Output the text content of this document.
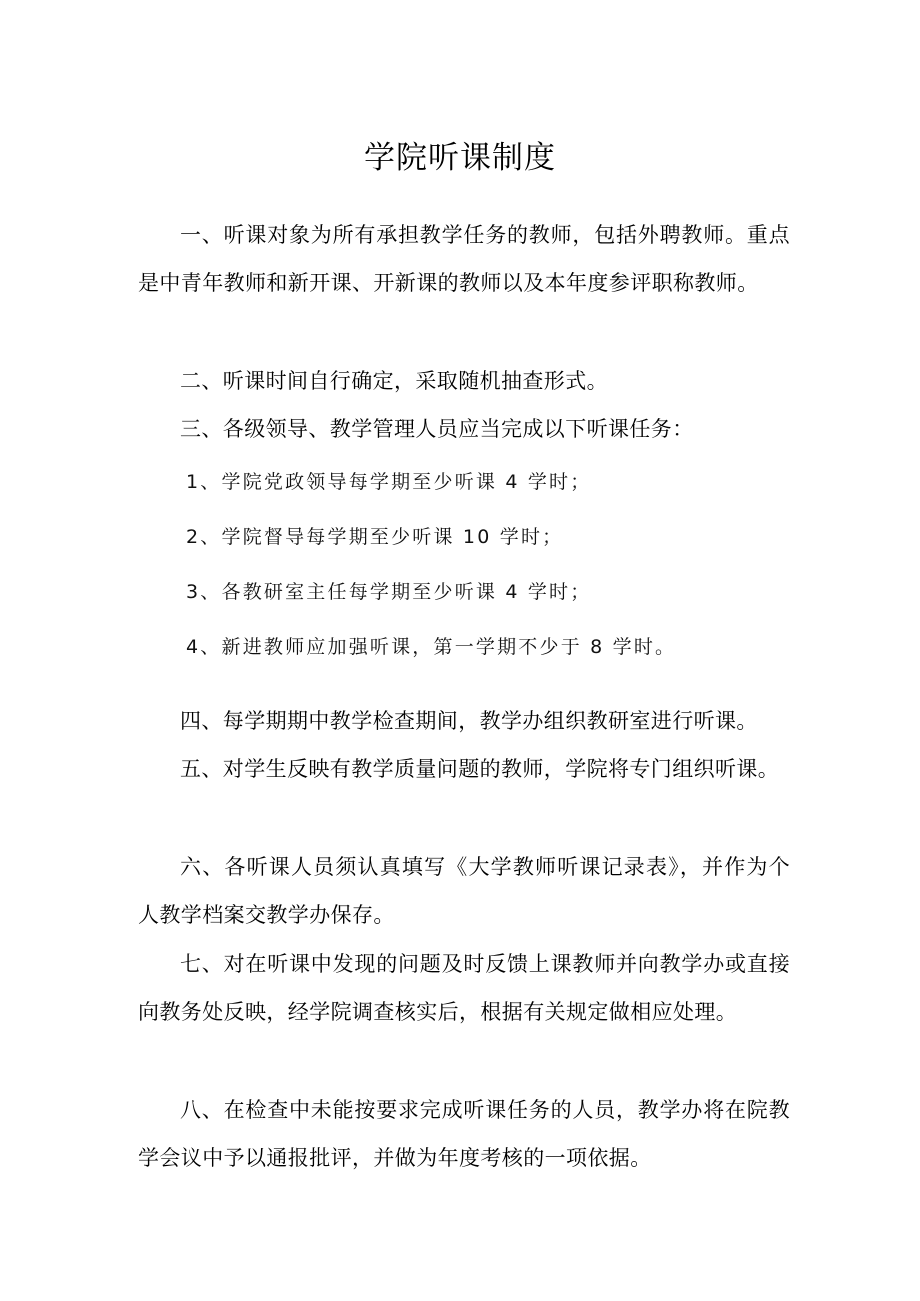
学院听课制度
一、听课对象为所有承担教学任务的教师，包括外聘教师。重点是中青年教师和新开课、开新课的教师以及本年度参评职称教师。
二、听课时间自行确定，采取随机抽查形式。
三、各级领导、教学管理人员应当完成以下听课任务：
1、学院党政领导每学期至少听课 4 学时；
2、学院督导每学期至少听课 10 学时；
3、各教研室主任每学期至少听课 4 学时；
4、新进教师应加强听课，第一学期不少于 8 学时。
四、每学期期中教学检查期间，教学办组织教研室进行听课。
五、对学生反映有教学质量问题的教师，学院将专门组织听课。
六、各听课人员须认真填写《大学教师听课记录表》，并作为个人教学档案交教学办保存。
七、对在听课中发现的问题及时反馈上课教师并向教学办或直接向教务处反映，经学院调查核实后，根据有关规定做相应处理。
八、在检查中未能按要求完成听课任务的人员，教学办将在院教学会议中予以通报批评，并做为年度考核的一项依据。
